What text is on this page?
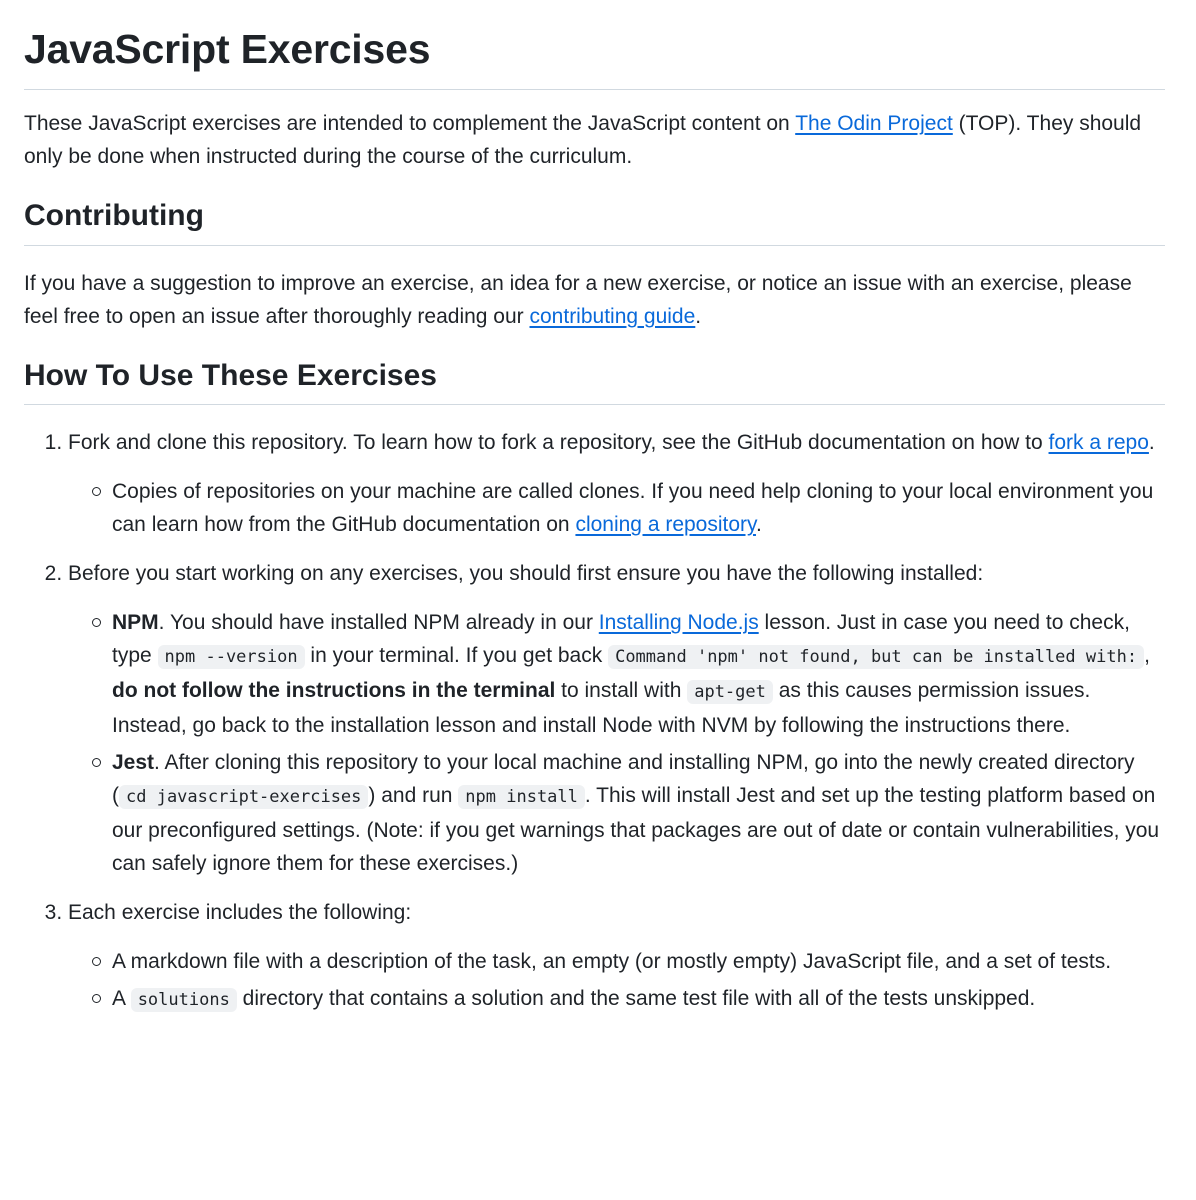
JavaScript Exercises

These JavaScript exercises are intended to complement the JavaScript content on The Odin Project (TOP). They should only be done when instructed during the course of the curriculum.

Contributing

If you have a suggestion to improve an exercise, an idea for a new exercise, or notice an issue with an exercise, please feel free to open an issue after thoroughly reading our contributing guide.

How To Use These Exercises
1. Fork and clone this repository. To learn how to fork a repository, see the GitHub documentation on how to fork a repo.
Copies of repositories on your machine are called clones. If you need help cloning to your local environment you can learn how from the GitHub documentation on cloning a repository.
2. Before you start working on any exercises, you should first ensure you have the following installed:
NPM. You should have installed NPM already in our Installing Node.js lesson. Just in case you need to check, type npm --version in your terminal. If you get back Command 'npm' not found, but can be installed with: , do not follow the instructions in the terminal to install with apt-get as this causes permission issues. Instead, go back to the installation lesson and install Node with NVM by following the instructions there.
Jest. After cloning this repository to your local machine and installing NPM, go into the newly created directory ( cd javascript-exercises ) and run npm install . This will install Jest and set up the testing platform based on our preconfigured settings. (Note: if you get warnings that packages are out of date or contain vulnerabilities, you can safely ignore them for these exercises.)
3. Each exercise includes the following:
A markdown file with a description of the task, an empty (or mostly empty) JavaScript file, and a set of tests.
A solutions directory that contains a solution and the same test file with all of the tests unskipped.
